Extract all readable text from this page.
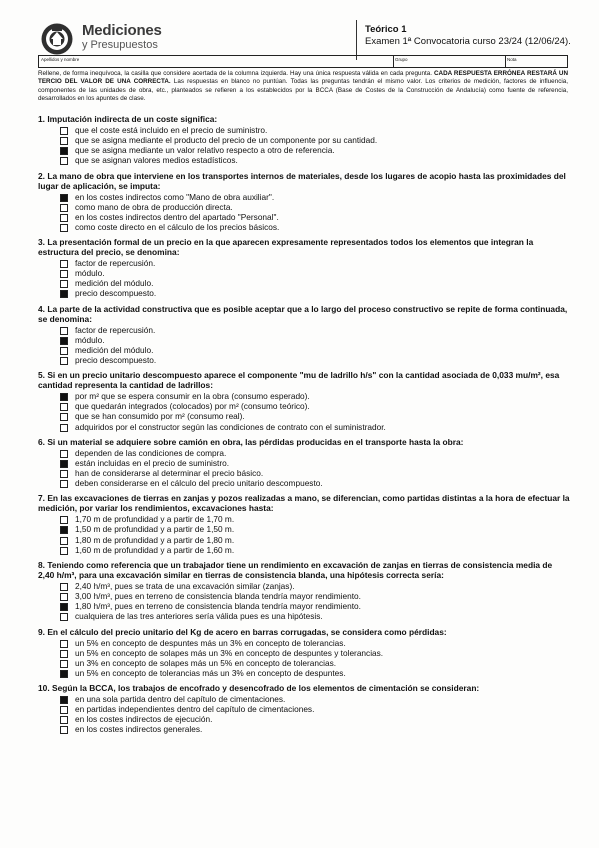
Mediciones
y Presupuestos
Teórico 1
Examen 1ª Convocatoria curso 23/24 (12/06/24).
Apellidos y nombre	Grupo	Nota
Rellene, de forma inequívoca, la casilla que considere acertada de la columna izquierda. Hay una única respuesta válida en cada pregunta. CADA RESPUESTA ERRÓNEA RESTARÁ UN TERCIO DEL VALOR DE UNA CORRECTA. Las respuestas en blanco no puntúan. Todas las preguntas tendrán el mismo valor. Los criterios de medición, factores de influencia, componentes de las unidades de obra, etc., planteados se refieren a los establecidos por la BCCA (Base de Costes de la Construcción de Andalucía) como fuente de referencia, desarrollados en los apuntes de clase.
1. Imputación indirecta de un coste significa:
que el coste está incluido en el precio de suministro.
que se asigna mediante el producto del precio de un componente por su cantidad.
que se asigna mediante un valor relativo respecto a otro de referencia.
que se asignan valores medios estadísticos.
2. La mano de obra que interviene en los transportes internos de materiales, desde los lugares de acopio hasta las proximidades del lugar de aplicación, se imputa:
en los costes indirectos como "Mano de obra auxiliar".
como mano de obra de producción directa.
en los costes indirectos dentro del apartado "Personal".
como coste directo en el cálculo de los precios básicos.
3. La presentación formal de un precio en la que aparecen expresamente representados todos los elementos que integran la estructura del precio, se denomina:
factor de repercusión.
módulo.
medición del módulo.
precio descompuesto.
4. La parte de la actividad constructiva que es posible aceptar que a lo largo del proceso constructivo se repite de forma continuada, se denomina:
factor de repercusión.
módulo.
medición del módulo.
precio descompuesto.
5. Si en un precio unitario descompuesto aparece el componente "mu de ladrillo h/s" con la cantidad asociada de 0,033 mu/m², esa cantidad representa la cantidad de ladrillos:
por m² que se espera consumir en la obra (consumo esperado).
que quedarán integrados (colocados) por m² (consumo teórico).
que se han consumido por m² (consumo real).
adquiridos por el constructor según las condiciones de contrato con el suministrador.
6. Si un material se adquiere sobre camión en obra, las pérdidas producidas en el transporte hasta la obra:
dependen de las condiciones de compra.
están incluidas en el precio de suministro.
han de considerarse al determinar el precio básico.
deben considerarse en el cálculo del precio unitario descompuesto.
7. En las excavaciones de tierras en zanjas y pozos realizadas a mano, se diferencian, como partidas distintas a la hora de efectuar la medición, por variar los rendimientos, excavaciones hasta:
1,70 m de profundidad y a partir de 1,70 m.
1,50 m de profundidad y a partir de 1,50 m.
1,80 m de profundidad y a partir de 1,80 m.
1,60 m de profundidad y a partir de 1,60 m.
8. Teniendo como referencia que un trabajador tiene un rendimiento en excavación de zanjas en tierras de consistencia media de 2,40 h/m³, para una excavación similar en tierras de consistencia blanda, una hipótesis correcta sería:
2,40 h/m³, pues se trata de una excavación similar (zanjas).
3,00 h/m³, pues en terreno de consistencia blanda tendría mayor rendimiento.
1,80 h/m³, pues en terreno de consistencia blanda tendría mayor rendimiento.
cualquiera de las tres anteriores sería válida pues es una hipótesis.
9. En el cálculo del precio unitario del Kg de acero en barras corrugadas, se considera como pérdidas:
un 5% en concepto de despuntes más un 3% en concepto de tolerancias.
un 5% en concepto de solapes más un 3% en concepto de despuntes y tolerancias.
un 3% en concepto de solapes más un 5% en concepto de tolerancias.
un 5% en concepto de tolerancias más un 3% en concepto de despuntes.
10. Según la BCCA, los trabajos de encofrado y desencofrado de los elementos de cimentación se consideran:
en una sola partida dentro del capítulo de cimentaciones.
en partidas independientes dentro del capítulo de cimentaciones.
en los costes indirectos de ejecución.
en los costes indirectos generales.
